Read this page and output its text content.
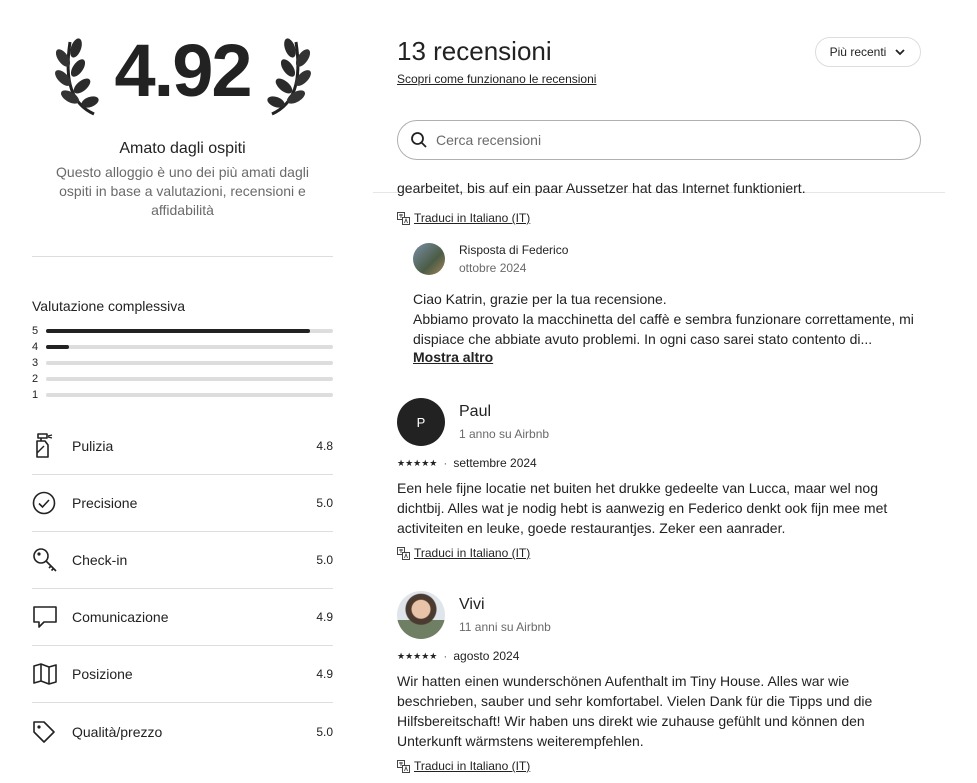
4.92
Amato dagli ospiti
Questo alloggio è uno dei più amati dagli ospiti in base a valutazioni, recensioni e affidabilità
Valutazione complessiva
5
4
3
2
1
Pulizia	4.8
Precisione	5.0
Check-in	5.0
Comunicazione	4.9
Posizione	4.9
Qualità/prezzo	5.0
13 recensioni
Scopri come funzionano le recensioni
Più recenti
Cerca recensioni
gearbeitet, bis auf ein paar Aussetzer hat das Internet funktioniert.
Traduci in Italiano (IT)
Risposta di Federico
ottobre 2024
Ciao Katrin, grazie per la tua recensione.
Abbiamo provato la macchinetta del caffè e sembra funzionare correttamente, mi dispiace che abbiate avuto problemi. In ogni caso sarei stato contento di...
Mostra altro
P
Paul
1 anno su Airbnb
★★★★★ · settembre 2024
Een hele fijne locatie net buiten het drukke gedeelte van Lucca, maar wel nog dichtbij. Alles wat je nodig hebt is aanwezig en Federico denkt ook fijn mee met activiteiten en leuke, goede restaurantjes. Zeker een aanrader.
Traduci in Italiano (IT)
Vivi
11 anni su Airbnb
★★★★★ · agosto 2024
Wir hatten einen wunderschönen Aufenthalt im Tiny House. Alles war wie beschrieben, sauber und sehr komfortabel. Vielen Dank für die Tipps und die Hilfsbereitschaft! Wir haben uns direkt wie zuhause gefühlt und können den Unterkunft wärmstens weiterempfehlen.
Traduci in Italiano (IT)
